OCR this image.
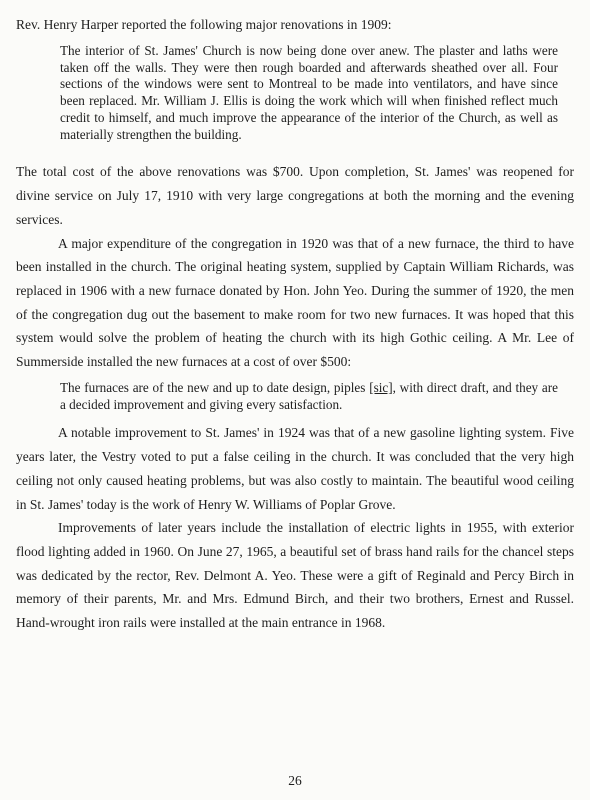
Rev. Henry Harper reported the following major renovations in 1909:

The interior of St. James' Church is now being done over anew. The plaster and laths were taken off the walls. They were then rough boarded and afterwards sheathed over all. Four sections of the windows were sent to Montreal to be made into ventilators, and have since been replaced. Mr. William J. Ellis is doing the work which will when finished reflect much credit to himself, and much improve the appearance of the interior of the Church, as well as materially strengthen the building.

The total cost of the above renovations was $700. Upon completion, St. James' was reopened for divine service on July 17, 1910 with very large congregations at both the morning and the evening services.

A major expenditure of the congregation in 1920 was that of a new furnace, the third to have been installed in the church. The original heating system, supplied by Captain William Richards, was replaced in 1906 with a new furnace donated by Hon. John Yeo. During the summer of 1920, the men of the congregation dug out the basement to make room for two new furnaces. It was hoped that this system would solve the problem of heating the church with its high Gothic ceiling. A Mr. Lee of Summerside installed the new furnaces at a cost of over $500:

The furnaces are of the new and up to date design, piples [sic], with direct draft, and they are a decided improvement and giving every satisfaction.

A notable improvement to St. James' in 1924 was that of a new gasoline lighting system. Five years later, the Vestry voted to put a false ceiling in the church. It was concluded that the very high ceiling not only caused heating problems, but was also costly to maintain. The beautiful wood ceiling in St. James' today is the work of Henry W. Williams of Poplar Grove.

Improvements of later years include the installation of electric lights in 1955, with exterior flood lighting added in 1960. On June 27, 1965, a beautiful set of brass hand rails for the chancel steps was dedicated by the rector, Rev. Delmont A. Yeo. These were a gift of Reginald and Percy Birch in memory of their parents, Mr. and Mrs. Edmund Birch, and their two brothers, Ernest and Russel. Hand-wrought iron rails were installed at the main entrance in 1968.

26
